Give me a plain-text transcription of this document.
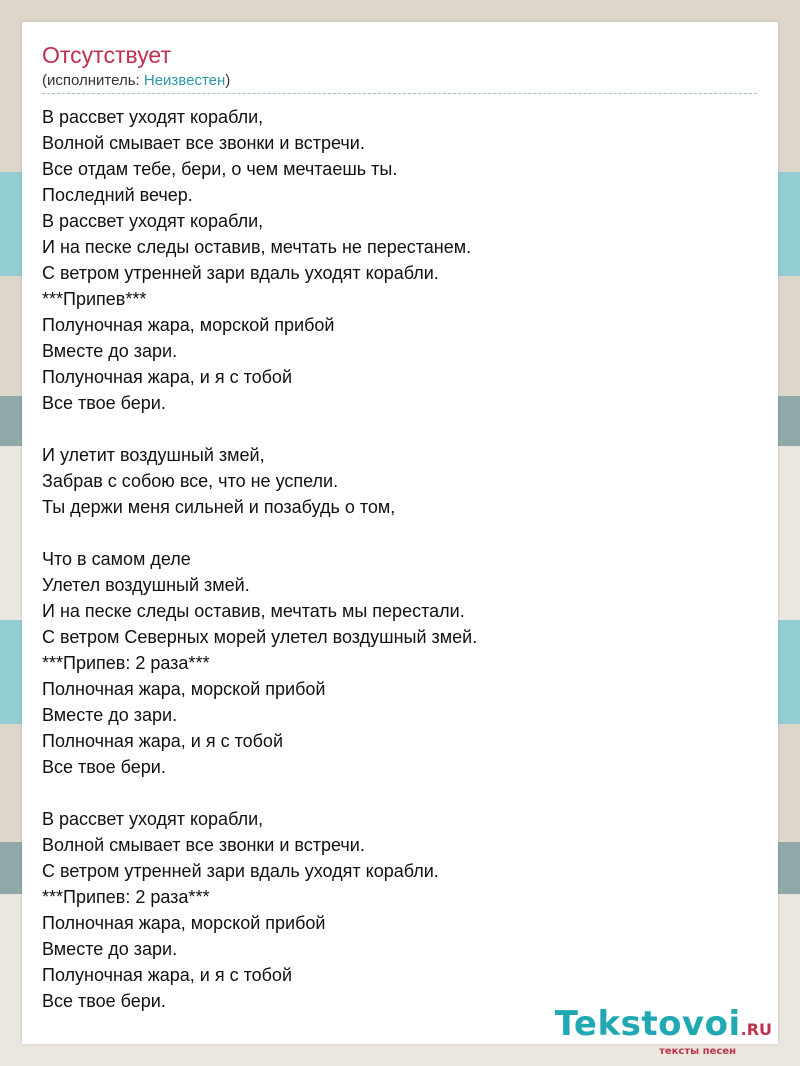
Отсутствует
(исполнитель: Неизвестен)
В рассвет уходят корабли,
Волной смывает все звонки и встречи.
Все отдам тебе, бери, о чем мечтаешь ты.
Последний вечер.
В рассвет уходят корабли,
И на песке следы оставив, мечтать не перестанем.
С ветром утренней зари вдаль уходят корабли.
***Припев***
Полуночная жара, морской прибой
Вместе до зари.
Полуночная жара, и я с тобой
Все твое бери.
И улетит воздушный змей,
Забрав с собою все, что не успели.
Ты держи меня сильней и позабудь о том,
Что в самом деле
Улетел воздушный змей.
И на песке следы оставив, мечтать мы перестали.
С ветром Северных морей улетел воздушный змей.
***Припев: 2 раза***
Полночная жара, морской прибой
Вместе до зари.
Полночная жара, и я с тобой
Все твое бери.
В рассвет уходят корабли,
Волной смывает все звонки и встречи.
С ветром утренней зари вдаль уходят корабли.
***Припев: 2 раза***
Полночная жара, морской прибой
Вместе до зари.
Полуночная жара, и я с тобой
Все твое бери.
Tekstovoi.RU
тексты песен
